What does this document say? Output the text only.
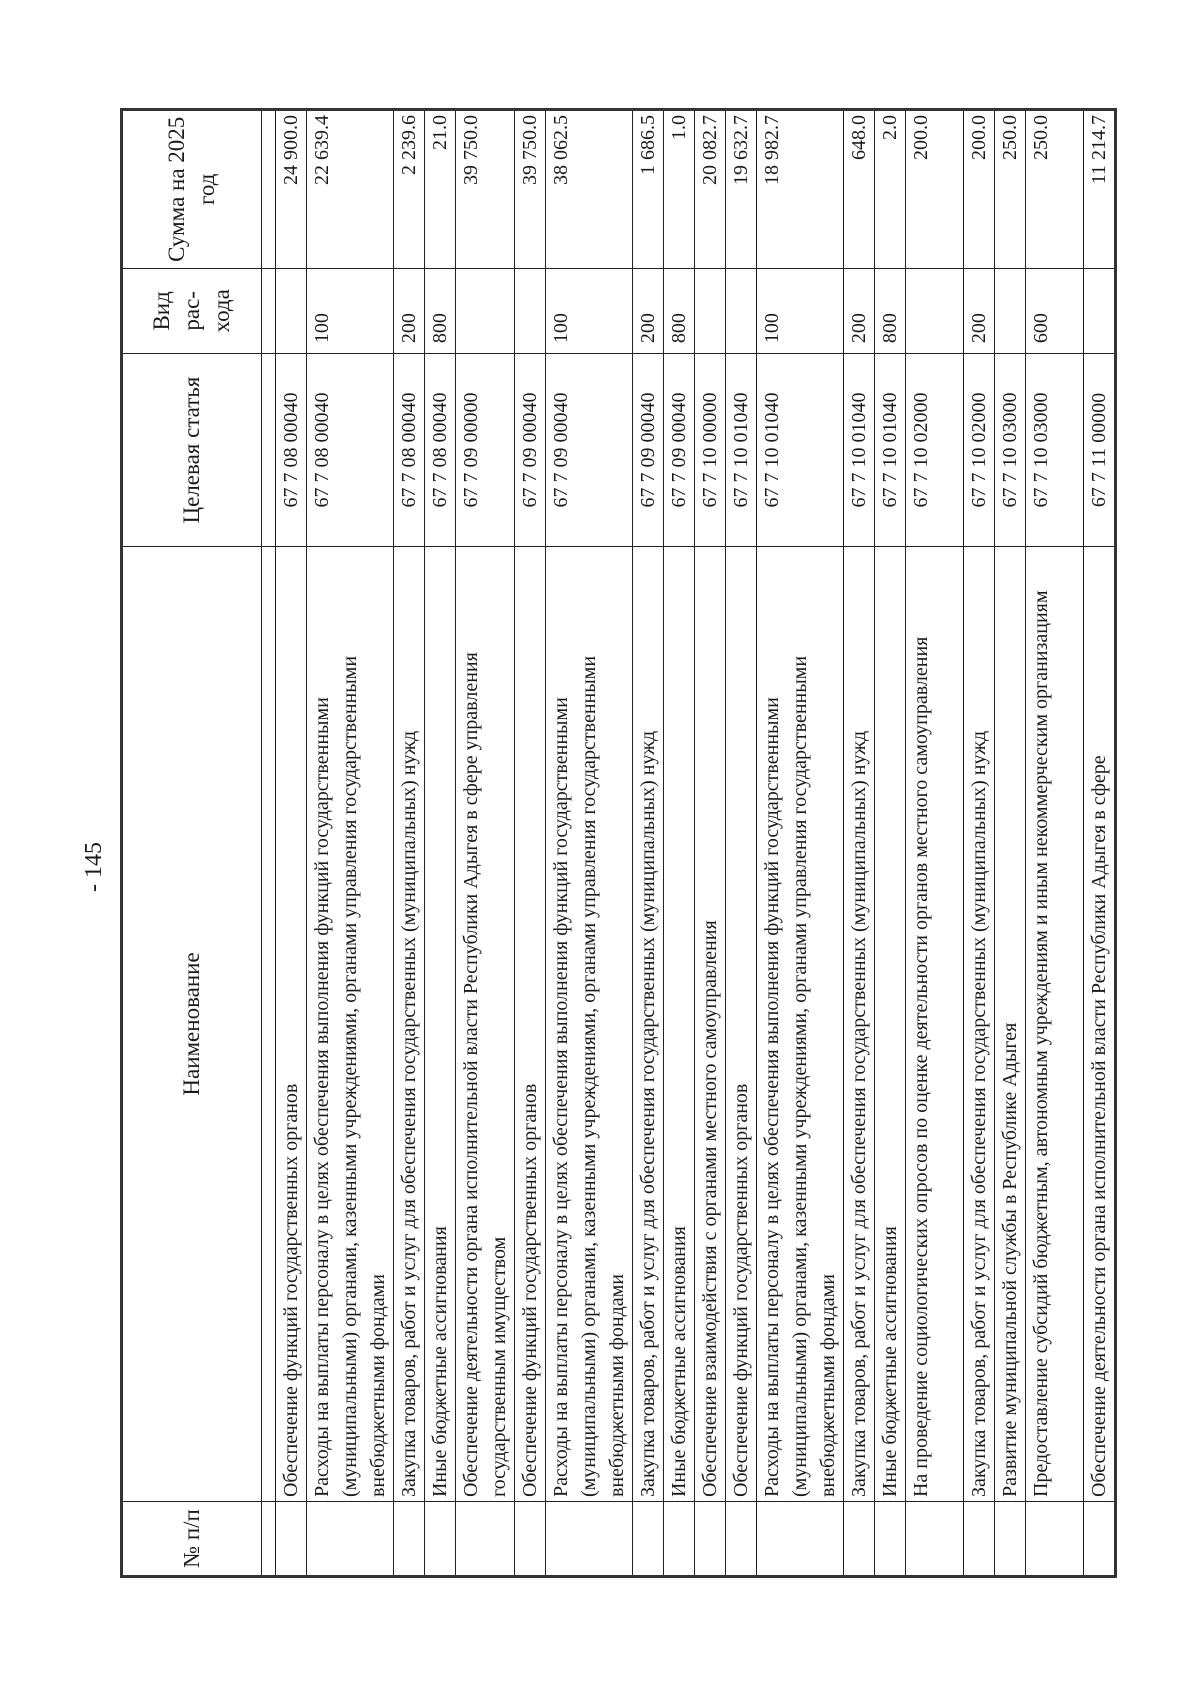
- 145 -
№ п/п	Наименование	Целевая статья	Вид рас- хода	Сумма на 2025 год

	Обеспечение функций государственных органов	67 7 08 00040		24 900.0
	Расходы на выплаты персоналу в целях обеспечения выполнения функций государственными (муниципальными) органами, казенными учреждениями, органами управления государственными внебюджетными фондами	67 7 08 00040	100	22 639.4
	Закупка товаров, работ и услуг для обеспечения государственных (муниципальных) нужд	67 7 08 00040	200	2 239.6
	Иные бюджетные ассигнования	67 7 08 00040	800	21.0
	Обеспечение деятельности органа исполнительной власти Республики Адыгея в сфере управления государственным имуществом	67 7 09 00000		39 750.0
	Обеспечение функций государственных органов	67 7 09 00040		39 750.0
	Расходы на выплаты персоналу в целях обеспечения выполнения функций государственными (муниципальными) органами, казенными учреждениями, органами управления государственными внебюджетными фондами	67 7 09 00040	100	38 062.5
	Закупка товаров, работ и услуг для обеспечения государственных (муниципальных) нужд	67 7 09 00040	200	1 686.5
	Иные бюджетные ассигнования	67 7 09 00040	800	1.0
	Обеспечение взаимодействия с органами местного самоуправления	67 7 10 00000		20 082.7
	Обеспечение функций государственных органов	67 7 10 01040		19 632.7
	Расходы на выплаты персоналу в целях обеспечения выполнения функций государственными (муниципальными) органами, казенными учреждениями, органами управления государственными внебюджетными фондами	67 7 10 01040	100	18 982.7
	Закупка товаров, работ и услуг для обеспечения государственных (муниципальных) нужд	67 7 10 01040	200	648.0
	Иные бюджетные ассигнования	67 7 10 01040	800	2.0
	На проведение социологических опросов по оценке деятельности органов местного самоуправления	67 7 10 02000		200.0
	Закупка товаров, работ и услуг для обеспечения государственных (муниципальных) нужд	67 7 10 02000	200	200.0
	Развитие муниципальной службы в Республике Адыгея	67 7 10 03000		250.0
	Предоставление субсидий бюджетным, автономным учреждениям и иным некоммерческим организациям	67 7 10 03000	600	250.0
	Обеспечение деятельности органа исполнительной власти Республики Адыгея в сфере	67 7 11 00000		11 214.7
